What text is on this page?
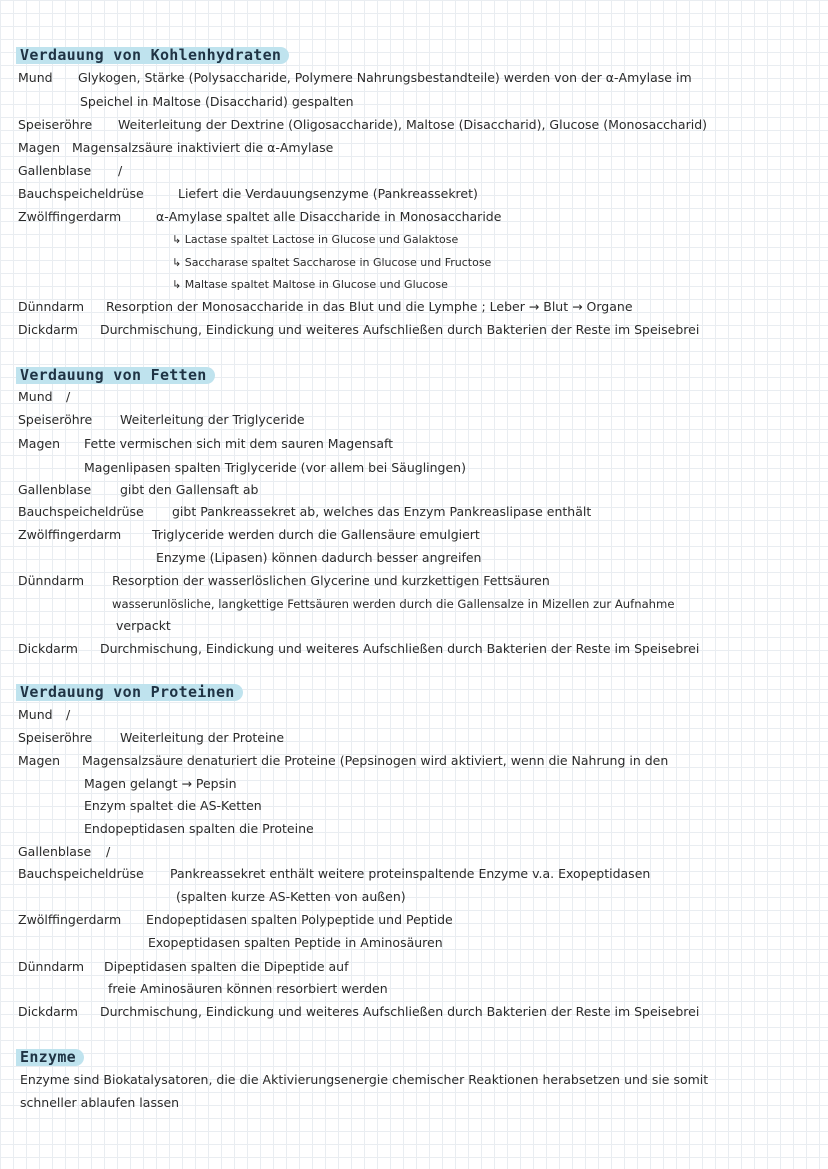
Verdauung von Kohlenhydraten
Mund Glykogen, Stärke (Polysaccharide, Polymere Nahrungsbestandteile) werden von der α-Amylase im
Speichel in Maltose (Disaccharid) gespalten
Speiseröhre Weiterleitung der Dextrine (Oligosaccharide), Maltose (Disaccharid), Glucose (Monosaccharid)
Magen Magensalzsäure inaktiviert die α-Amylase
Gallenblase /
Bauchspeicheldrüse	Liefert die Verdauungsenzyme (Pankreassekret)
Zwölffingerdarm	α-Amylase spaltet alle Disaccharide in Monosaccharide
↳ Lactase spaltet Lactose in Glucose und Galaktose
↳ Saccharase spaltet Saccharose in Glucose und Fructose
↳ Maltase spaltet Maltose in Glucose und Glucose
Dünndarm Resorption der Monosaccharide in das Blut und die Lymphe ; Leber → Blut → Organe
Dickdarm Durchmischung, Eindickung und weiteres Aufschließen durch Bakterien der Reste im Speisebrei
Verdauung von Fetten
Mund /
Speiseröhre Weiterleitung der Triglyceride
Magen Fette vermischen sich mit dem sauren Magensaft
Magenlipasen spalten Triglyceride (vor allem bei Säuglingen)
Gallenblase gibt den Gallensaft ab
Bauchspeicheldrüse gibt Pankreassekret ab, welches das Enzym Pankreaslipase enthält
Zwölffingerdarm Triglyceride werden durch die Gallensäure emulgiert
Enzyme (Lipasen) können dadurch besser angreifen
Dünndarm Resorption der wasserlöslichen Glycerine und kurzkettigen Fettsäuren
wasserunlösliche, langkettige Fettsäuren werden durch die Gallensalze in Mizellen zur Aufnahme
verpackt
Dickdarm Durchmischung, Eindickung und weiteres Aufschließen durch Bakterien der Reste im Speisebrei
Verdauung von Proteinen
Mund /
Speiseröhre Weiterleitung der Proteine
Magen Magensalzsäure denaturiert die Proteine (Pepsinogen wird aktiviert, wenn die Nahrung in den
Magen gelangt → Pepsin
Enzym spaltet die AS-Ketten
Endopeptidasen spalten die Proteine
Gallenblase /
Bauchspeicheldrüse Pankreassekret enthält weitere proteinspaltende Enzyme v.a. Exopeptidasen
(spalten kurze AS-Ketten von außen)
Zwölffingerdarm Endopeptidasen spalten Polypeptide und Peptide
Exopeptidasen spalten Peptide in Aminosäuren
Dünndarm Dipeptidasen spalten die Dipeptide auf
freie Aminosäuren können resorbiert werden
Dickdarm Durchmischung, Eindickung und weiteres Aufschließen durch Bakterien der Reste im Speisebrei
Enzyme
Enzyme sind Biokatalysatoren, die die Aktivierungsenergie chemischer Reaktionen herabsetzen und sie somit
schneller ablaufen lassen
